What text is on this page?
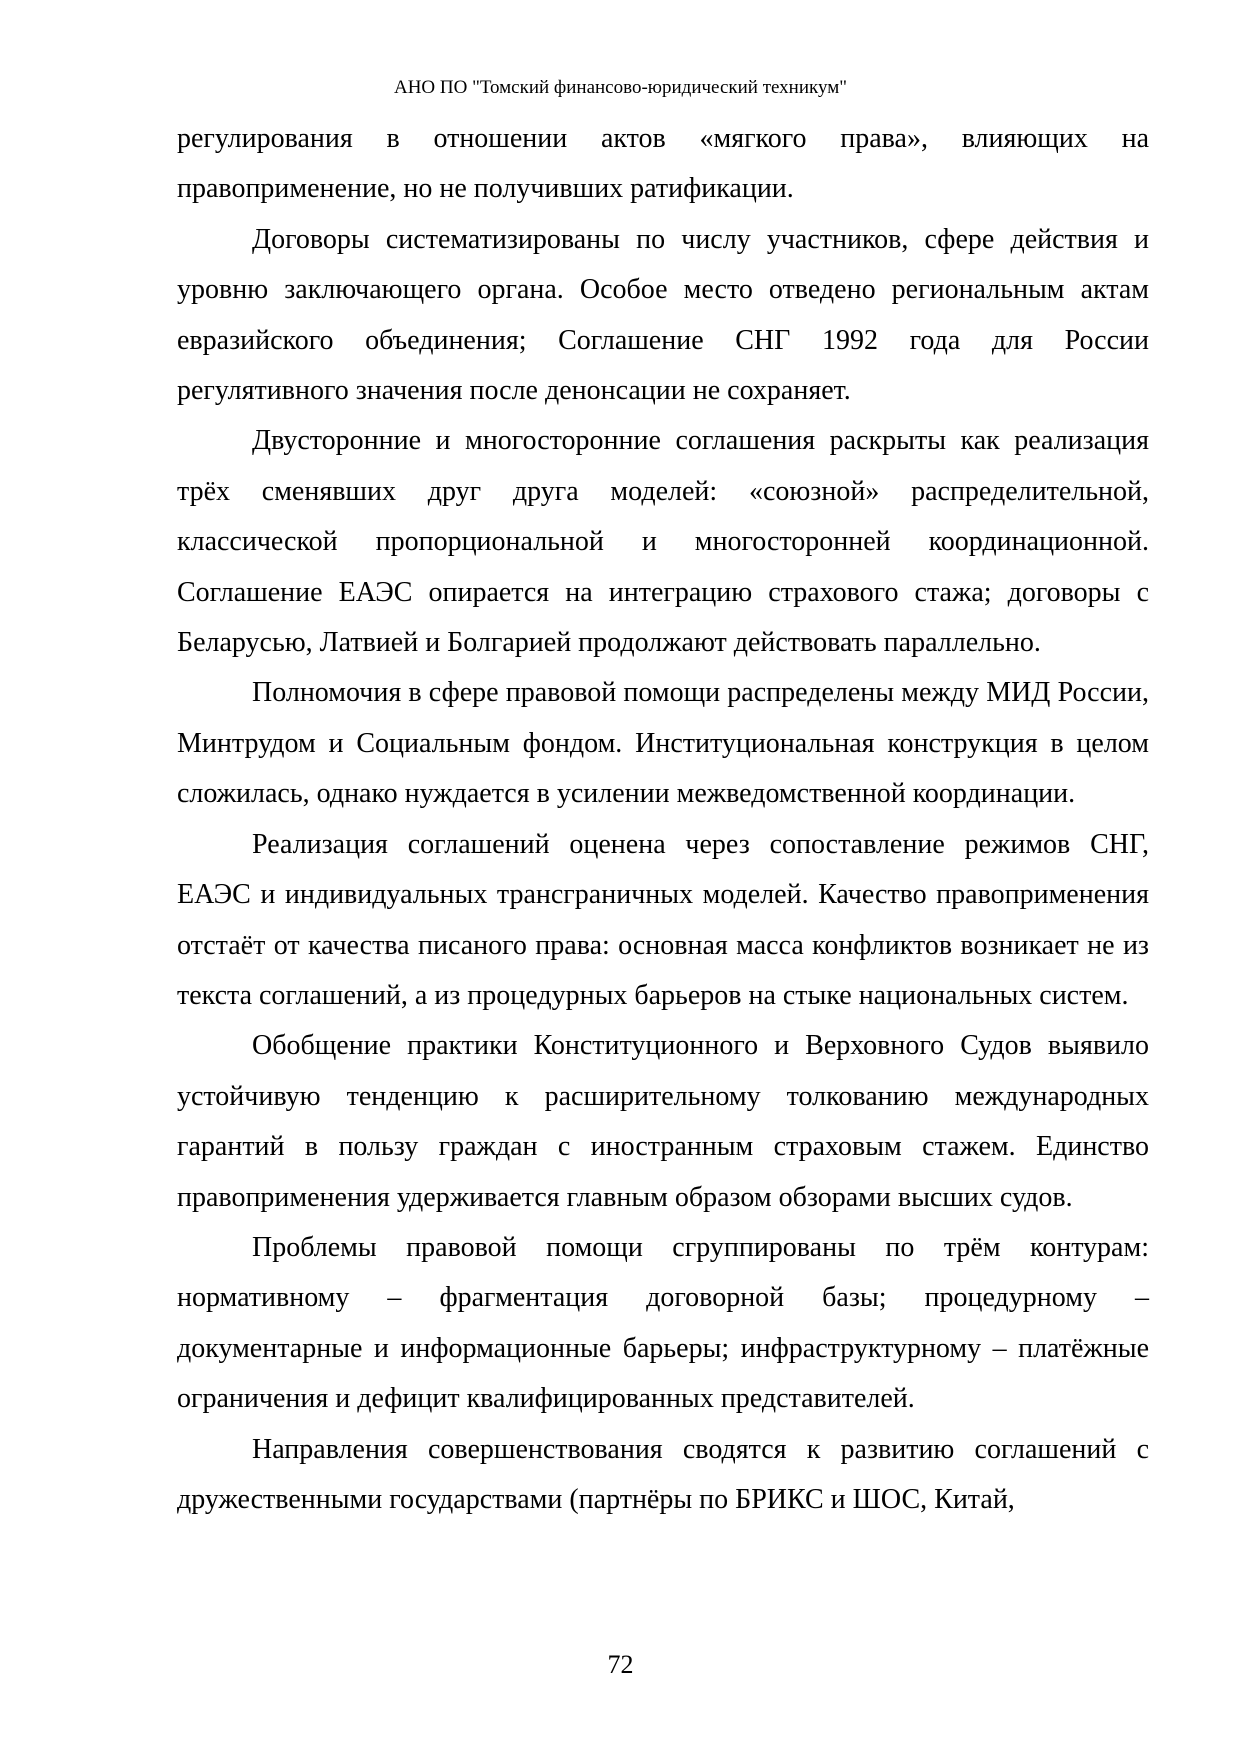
АНО ПО "Томский финансово-юридический техникум"

регулирования в отношении актов «мягкого права», влияющих на правоприменение, но не получивших ратификации.

Договоры систематизированы по числу участников, сфере действия и уровню заключающего органа. Особое место отведено региональным актам евразийского объединения; Соглашение СНГ 1992 года для России регулятивного значения после денонсации не сохраняет.

Двусторонние и многосторонние соглашения раскрыты как реализация трёх сменявших друг друга моделей: «союзной» распределительной, классической пропорциональной и многосторонней координационной. Соглашение ЕАЭС опирается на интеграцию страхового стажа; договоры с Беларусью, Латвией и Болгарией продолжают действовать параллельно.

Полномочия в сфере правовой помощи распределены между МИД России, Минтрудом и Социальным фондом. Институциональная конструкция в целом сложилась, однако нуждается в усилении межведомственной координации.

Реализация соглашений оценена через сопоставление режимов СНГ, ЕАЭС и индивидуальных трансграничных моделей. Качество правоприменения отстаёт от качества писаного права: основная масса конфликтов возникает не из текста соглашений, а из процедурных барьеров на стыке национальных систем.

Обобщение практики Конституционного и Верховного Судов выявило устойчивую тенденцию к расширительному толкованию международных гарантий в пользу граждан с иностранным страховым стажем. Единство правоприменения удерживается главным образом обзорами высших судов.

Проблемы правовой помощи сгруппированы по трём контурам: нормативному – фрагментация договорной базы; процедурному – документарные и информационные барьеры; инфраструктурному – платёжные ограничения и дефицит квалифицированных представителей.

Направления совершенствования сводятся к развитию соглашений с дружественными государствами (партнёры по БРИКС и ШОС, Китай,

72
